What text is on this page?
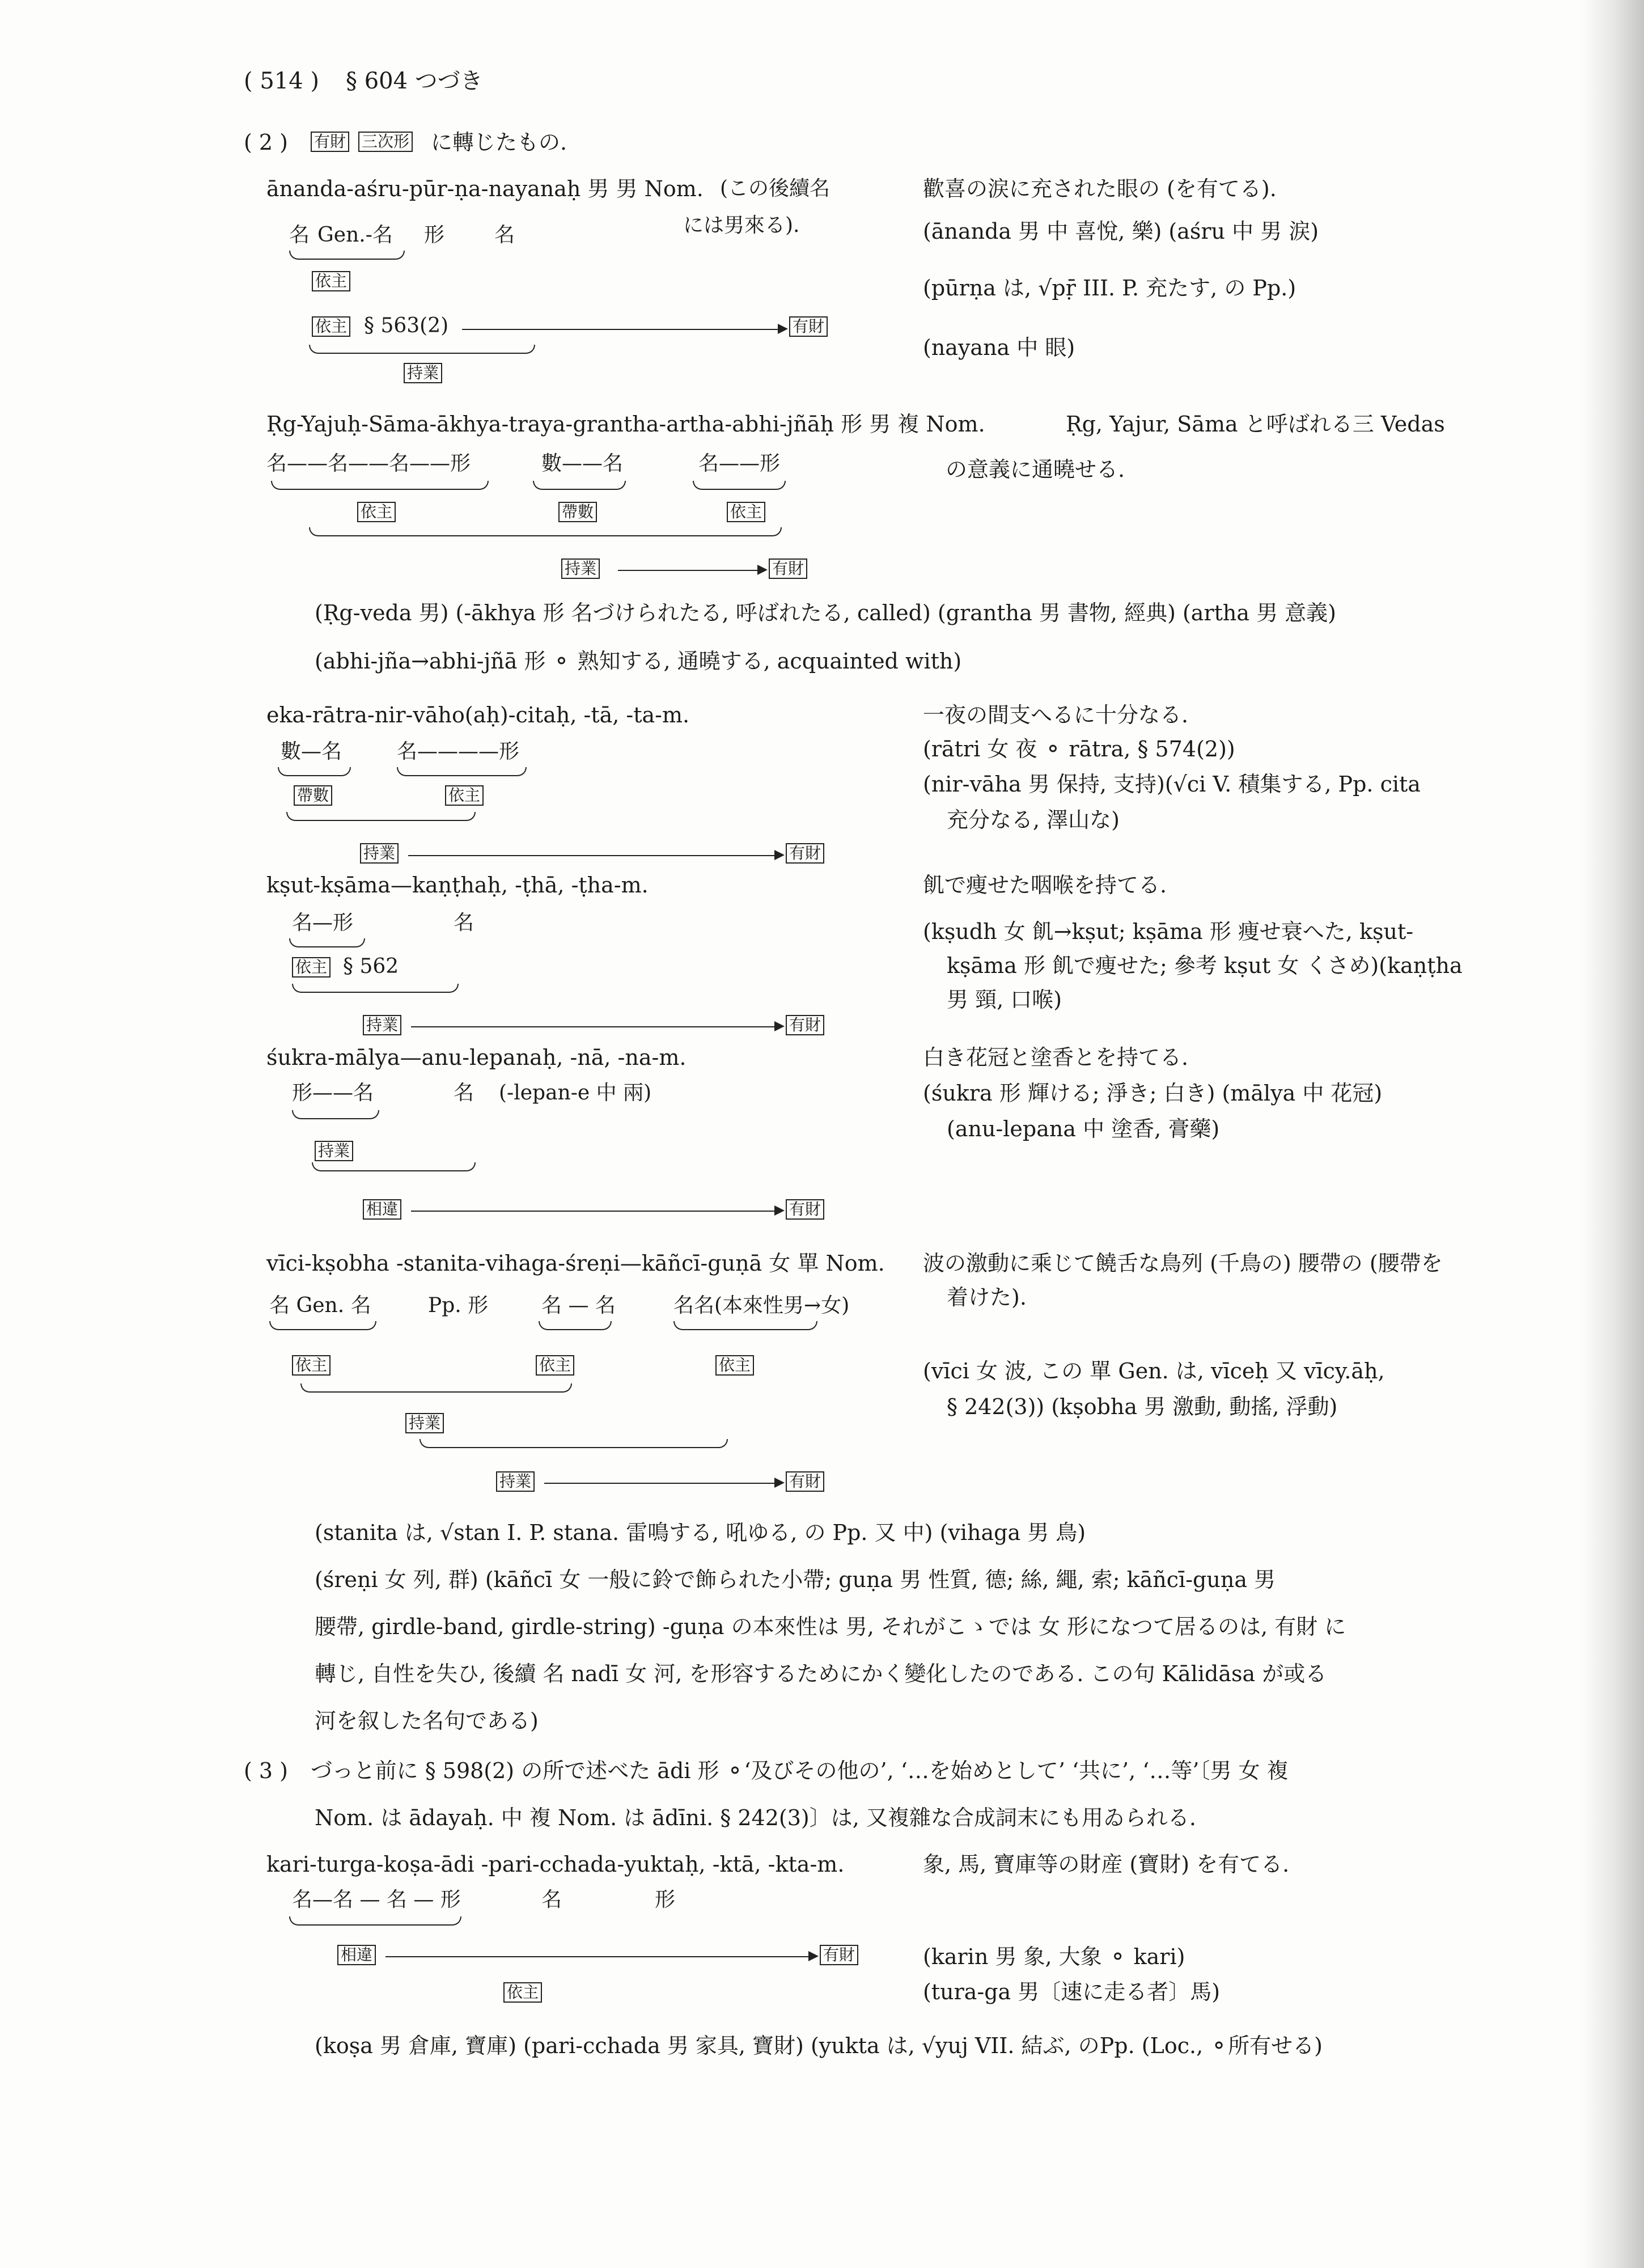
( 514 ) § 604 つづき
( 2 ) 有財 三次形 に轉じたもの.
ānanda-aśru-pūr-ṇa-nayanaḥ 男 男 Nom. (この後續名
には男來る).
名 Gen.-名 形 名
依主
依主 § 563(2)	有財
持業
歡喜の涙に充された眼の (を有てる).
(ānanda 男 中 喜悅, 樂) (aśru 中 男 涙)
(pūrṇa は, √pṝ III. P. 充たす, の Pp.)
(nayana 中 眼)
Ṛg-Yajuḥ-Sāma-ākhya-traya-grantha-artha-abhi-jñāḥ 形 男 複 Nom.	Ṛg, Yajur, Sāma と呼ばれる三 Vedas
の意義に通曉せる.
名——名——名——形	數——名	名——形
依主	帶數	依主
持業	有財
(Ṛg-veda 男) (-ākhya 形 名づけられたる, 呼ばれたる, called) (grantha 男 書物, 經典) (artha 男 意義)
(abhi-jña→abhi-jñā 形 ⚬ 熟知する, 通曉する, acquainted with)
eka-rātra-nir-vāho(aḥ)-citaḥ, -tā, -ta-m.	一夜の間支へるに十分なる.
(rātri 女 夜 ⚬ rātra, § 574(2))
(nir-vāha 男 保持, 支持)(√ci V. 積集する, Pp. cita
充分なる, 澤山な)
數—名	名————形
帶數	依主
持業	有財
kṣut-kṣāma—kaṇṭhaḥ, -ṭhā, -ṭha-m.	飢で痩せた咽喉を持てる.
(kṣudh 女 飢→kṣut; kṣāma 形 痩せ衰へた, kṣut-
kṣāma 形 飢で痩せた; 參考 kṣut 女 くさめ)(kaṇṭha
男 頸, 口喉)
名—形	名
依主 § 562
持業	有財
śukra-mālya—anu-lepanaḥ, -nā, -na-m.	白き花冠と塗香とを持てる.
(śukra 形 輝ける; 淨き; 白き) (mālya 中 花冠)
(anu-lepana 中 塗香, 膏藥)
形——名	名 (-lepan-e 中 兩)
持業
相違	有財
vīci-kṣobha -stanita-vihaga-śreṇi—kāñcī-guṇā 女 單 Nom. 波の激動に乘じて饒舌な鳥列 (千鳥の) 腰帶の (腰帶を
着けた).
(vīci 女 波, この 單 Gen. は, vīceḥ 又 vīcy.āḥ,
§ 242(3)) (kṣobha 男 激動, 動搖, 浮動)
名 Gen. 名	Pp. 形	名 — 名	名名(本來性男→女)
依主	依主	依主
持業
持業	有財
(stanita は, √stan I. P. stana. 雷鳴する, 吼ゆる, の Pp. 又 中) (vihaga 男 鳥)
(śreṇi 女 列, 群) (kāñcī 女 一般に鈴で飾られた小帶; guṇa 男 性質, 德; 絲, 繩, 索; kāñcī-guṇa 男
腰帶, girdle-band, girdle-string) -guṇa の本來性は 男, それがこゝでは 女 形になつて居るのは, 有財 に
轉じ, 自性を失ひ, 後續 名 nadī 女 河, を形容するためにかく變化したのである. この句 Kālidāsa が或る
河を叙した名句である)
( 3 ) づっと前に § 598(2) の所で述べた ādi 形 ⚬‘及びその他の’, ‘…を始めとして’ ‘共に’, ‘…等’〔男 女 複
Nom. は ādayaḥ. 中 複 Nom. は ādīni. § 242(3)〕は, 又複雜な合成詞末にも用ゐられる.
kari-turga-koṣa-ādi -pari-cchada-yuktaḥ, -ktā, -kta-m.	象, 馬, 寶庫等の財産 (寶財) を有てる.
名—名 — 名 — 形	名	形
相違	有財
依主
(karin 男 象, 大象 ⚬ kari)
(tura-ga 男〔速に走る者〕馬)
(koṣa 男 倉庫, 寶庫) (pari-cchada 男 家具, 寶財) (yukta は, √yuj VII. 結ぶ, のPp. (Loc., ⚬所有せる)
